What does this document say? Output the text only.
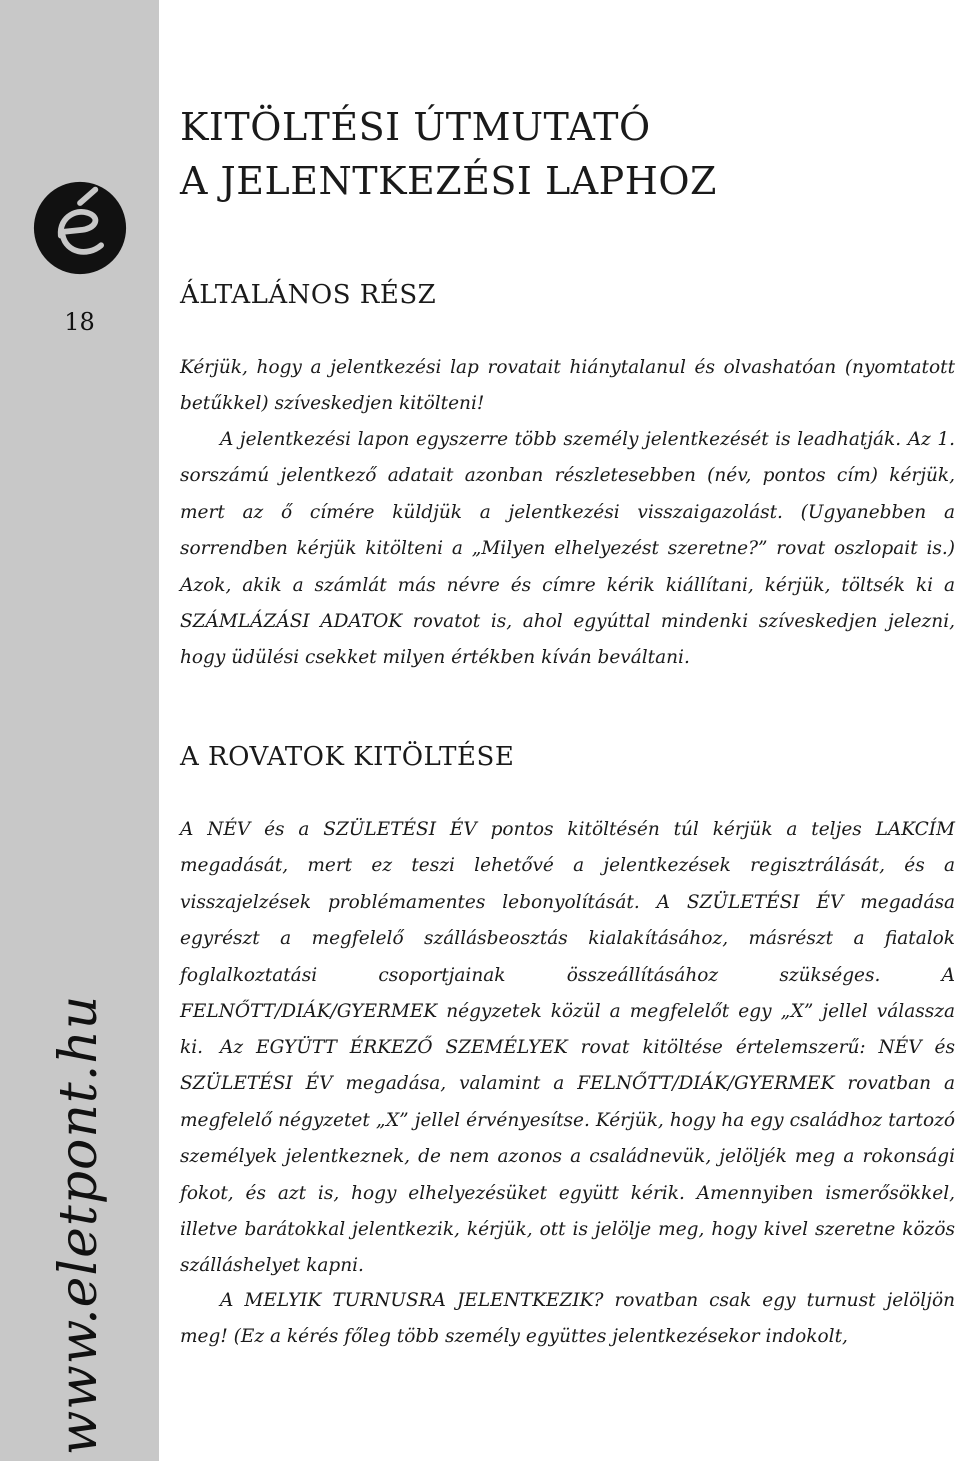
18
www.eletpont.hu
KITÖLTÉSI ÚTMUTATÓ
A JELENTKEZÉSI LAPHOZ
ÁLTALÁNOS RÉSZ

Kérjük, hogy a jelentkezési lap rovatait hiánytalanul és olvashatóan (nyomtatott betűkkel) szíveskedjen kitölteni!

A jelentkezési lapon egyszerre több személy jelentkezését is leadhatják. Az 1. sorszámú jelentkező adatait azonban részletesebben (név, pontos cím) kérjük, mert az ő címére küldjük a jelentkezési visszaigazolást. (Ugyanebben a sorrendben kérjük kitölteni a „Milyen elhelyezést szeretne?” rovat oszlopait is.) Azok, akik a számlát más névre és címre kérik kiállítani, kérjük, töltsék ki a SZÁMLÁZÁSI ADATOK rovatot is, ahol egyúttal mindenki szíveskedjen jelezni, hogy üdülési csekket milyen értékben kíván beváltani.

A ROVATOK KITÖLTÉSE

A NÉV és a SZÜLETÉSI ÉV pontos kitöltésén túl kérjük a teljes LAKCÍM megadását, mert ez teszi lehetővé a jelentkezések regisztrálását, és a visszajelzések problémamentes lebonyolítását. A SZÜLETÉSI ÉV megadása egyrészt a megfelelő szállásbeosztás kialakításához, másrészt a fiatalok foglalkoztatási csoportjainak összeállításához szükséges. A FELNŐTT/DIÁK/GYERMEK négyzetek közül a megfelelőt egy „X” jellel válassza ki. Az EGYÜTT ÉRKEZŐ SZEMÉLYEK rovat kitöltése értelemszerű: NÉV és SZÜLETÉSI ÉV megadása, valamint a FELNŐTT/DIÁK/GYERMEK rovatban a megfelelő négyzetet „X” jellel érvényesítse. Kérjük, hogy ha egy családhoz tartozó személyek jelentkeznek, de nem azonos a családnevük, jelöljék meg a rokonsági fokot, és azt is, hogy elhelyezésüket együtt kérik. Amennyiben ismerősökkel, illetve barátokkal jelentkezik, kérjük, ott is jelölje meg, hogy kivel szeretne közös szálláshelyet kapni.

A MELYIK TURNUSRA JELENTKEZIK? rovatban csak egy turnust jelöljön meg! (Ez a kérés főleg több személy együttes jelentkezésekor indokolt,
